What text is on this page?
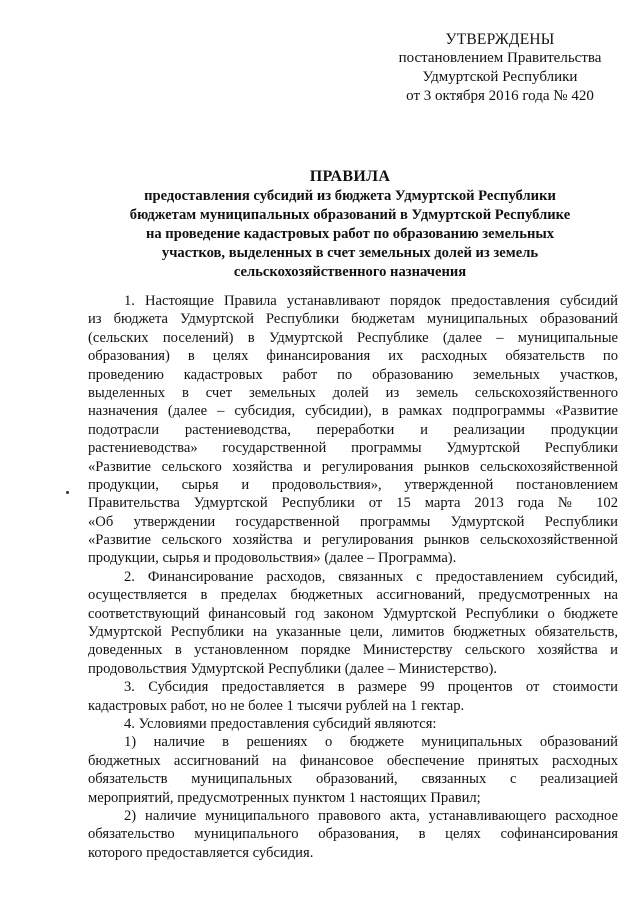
УТВЕРЖДЕНЫ
постановлением Правительства
Удмуртской Республики
от 3 октября 2016 года № 420
ПРАВИЛА
предоставления субсидий из бюджета Удмуртской Республики
бюджетам муниципальных образований в Удмуртской Республике
на проведение кадастровых работ по образованию земельных
участков, выделенных в счет земельных долей из земель
сельскохозяйственного назначения
1. Настоящие Правила устанавливают порядок предоставления субсидий
из бюджета Удмуртской Республики бюджетам муниципальных образований
(сельских поселений) в Удмуртской Республике (далее – муниципальные
образования) в целях финансирования их расходных обязательств по
проведению кадастровых работ по образованию земельных участков,
выделенных в счет земельных долей из земель сельскохозяйственного
назначения (далее – субсидия, субсидии), в рамках подпрограммы «Развитие
подотрасли растениеводства, переработки и реализации продукции
растениеводства» государственной программы Удмуртской Республики
«Развитие сельского хозяйства и регулирования рынков сельскохозяйственной
продукции, сырья и продовольствия», утвержденной постановлением
Правительства Удмуртской Республики от 15 марта 2013 года № 102
«Об утверждении государственной программы Удмуртской Республики
«Развитие сельского хозяйства и регулирования рынков сельскохозяйственной
продукции, сырья и продовольствия» (далее – Программа).
2. Финансирование расходов, связанных с предоставлением субсидий,
осуществляется в пределах бюджетных ассигнований, предусмотренных на
соответствующий финансовый год законом Удмуртской Республики о бюджете
Удмуртской Республики на указанные цели, лимитов бюджетных обязательств,
доведенных в установленном порядке Министерству сельского хозяйства и
продовольствия Удмуртской Республики (далее – Министерство).
3. Субсидия предоставляется в размере 99 процентов от стоимости
кадастровых работ, но не более 1 тысячи рублей на 1 гектар.
4. Условиями предоставления субсидий являются:
1) наличие в решениях о бюджете муниципальных образований
бюджетных ассигнований на финансовое обеспечение принятых расходных
обязательств муниципальных образований, связанных с реализацией
мероприятий, предусмотренных пунктом 1 настоящих Правил;
2) наличие муниципального правового акта, устанавливающего расходное
обязательство муниципального образования, в целях софинансирования
которого предоставляется субсидия.
